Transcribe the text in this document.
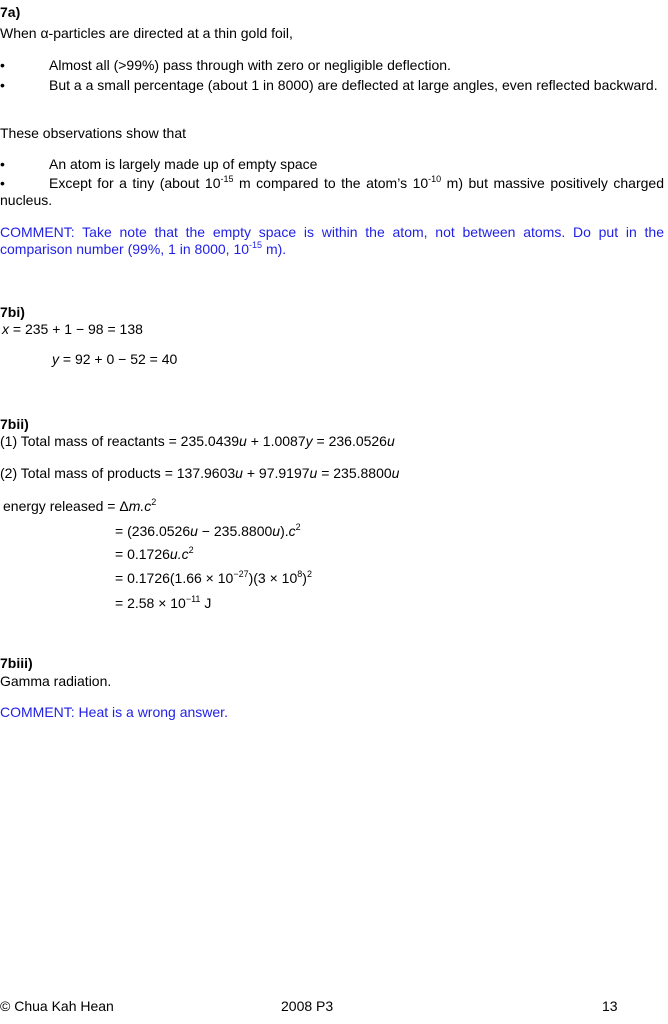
7a)
When α-particles are directed at a thin gold foil,
•	Almost all (>99%) pass through with zero or negligible deflection.
•	But a a small percentage (about 1 in 8000) are deflected at large angles, even reflected backward.
These observations show that
•	An atom is largely made up of empty space
•	Except for a tiny (about $10^{-15}$ m compared to the atom’s $10^{-10}$ m) but massive positively charged nucleus.
COMMENT: Take note that the empty space is within the atom, not between atoms. Do put in the comparison number (99%, 1 in 8000, $10^{-15}$ m).
7bi)
x = 235 + 1 − 98 = 138
y = 92 + 0 − 52 = 40
7bii)
(1) Total mass of reactants = 235.0439u + 1.0087y = 236.0526u
(2) Total mass of products = 137.9603u + 97.9197u = 235.8800u
energy released = $\Delta m.c^2$
= $(236.0526u - 235.8800u).c^2$
= $0.1726u.c^2$
= $0.1726(1.66 \times 10^{-27})(3 \times 10^8)^2$
= $2.58 \times 10^{-11}$ J
7biii)
Gamma radiation.
COMMENT: Heat is a wrong answer.
© Chua Kah Hean	2008 P3	13
